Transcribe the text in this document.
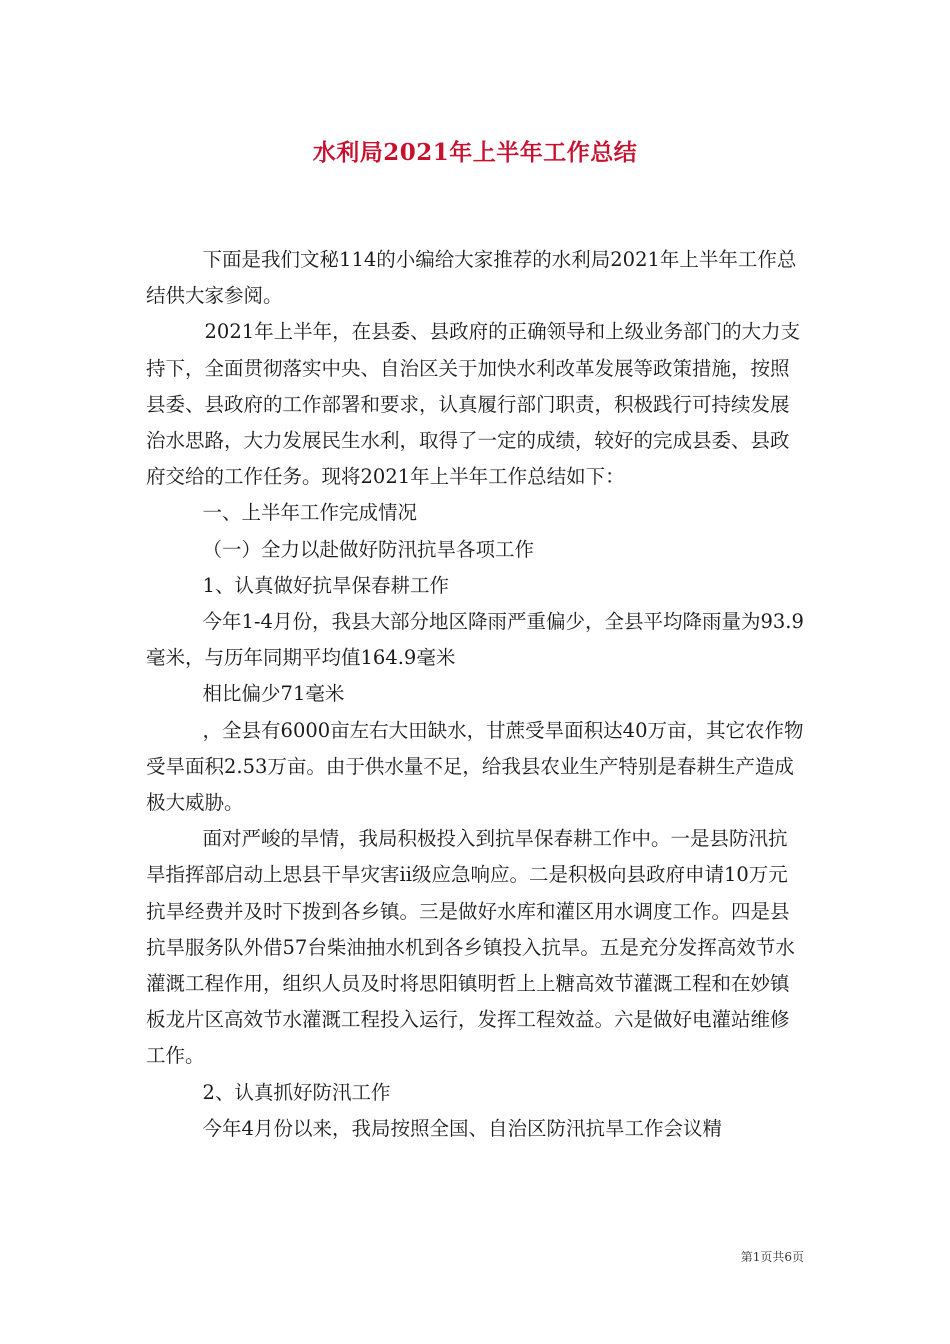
水利局2021年上半年工作总结

下面是我们文秘114的小编给大家推荐的水利局2021年上半年工作总结供大家参阅。

2021年上半年，在县委、县政府的正确领导和上级业务部门的大力支持下，全面贯彻落实中央、自治区关于加快水利改革发展等政策措施，按照县委、县政府的工作部署和要求，认真履行部门职责，积极践行可持续发展治水思路，大力发展民生水利，取得了一定的成绩，较好的完成县委、县政府交给的工作任务。现将2021年上半年工作总结如下：

一、上半年工作完成情况

（一）全力以赴做好防汛抗旱各项工作

1、认真做好抗旱保春耕工作

今年1-4月份，我县大部分地区降雨严重偏少，全县平均降雨量为93.9毫米，与历年同期平均值164.9毫米

相比偏少71毫米

，全县有6000亩左右大田缺水，甘蔗受旱面积达40万亩，其它农作物受旱面积2.53万亩。由于供水量不足，给我县农业生产特别是春耕生产造成极大威胁。

面对严峻的旱情，我局积极投入到抗旱保春耕工作中。一是县防汛抗旱指挥部启动上思县干旱灾害ii级应急响应。二是积极向县政府申请10万元抗旱经费并及时下拨到各乡镇。三是做好水库和灌区用水调度工作。四是县抗旱服务队外借57台柴油抽水机到各乡镇投入抗旱。五是充分发挥高效节水灌溉工程作用，组织人员及时将思阳镇明哲上上糖高效节灌溉工程和在妙镇板龙片区高效节水灌溉工程投入运行，发挥工程效益。六是做好电灌站维修工作。

2、认真抓好防汛工作

今年4月份以来，我局按照全国、自治区防汛抗旱工作会议精

第1页共6页
